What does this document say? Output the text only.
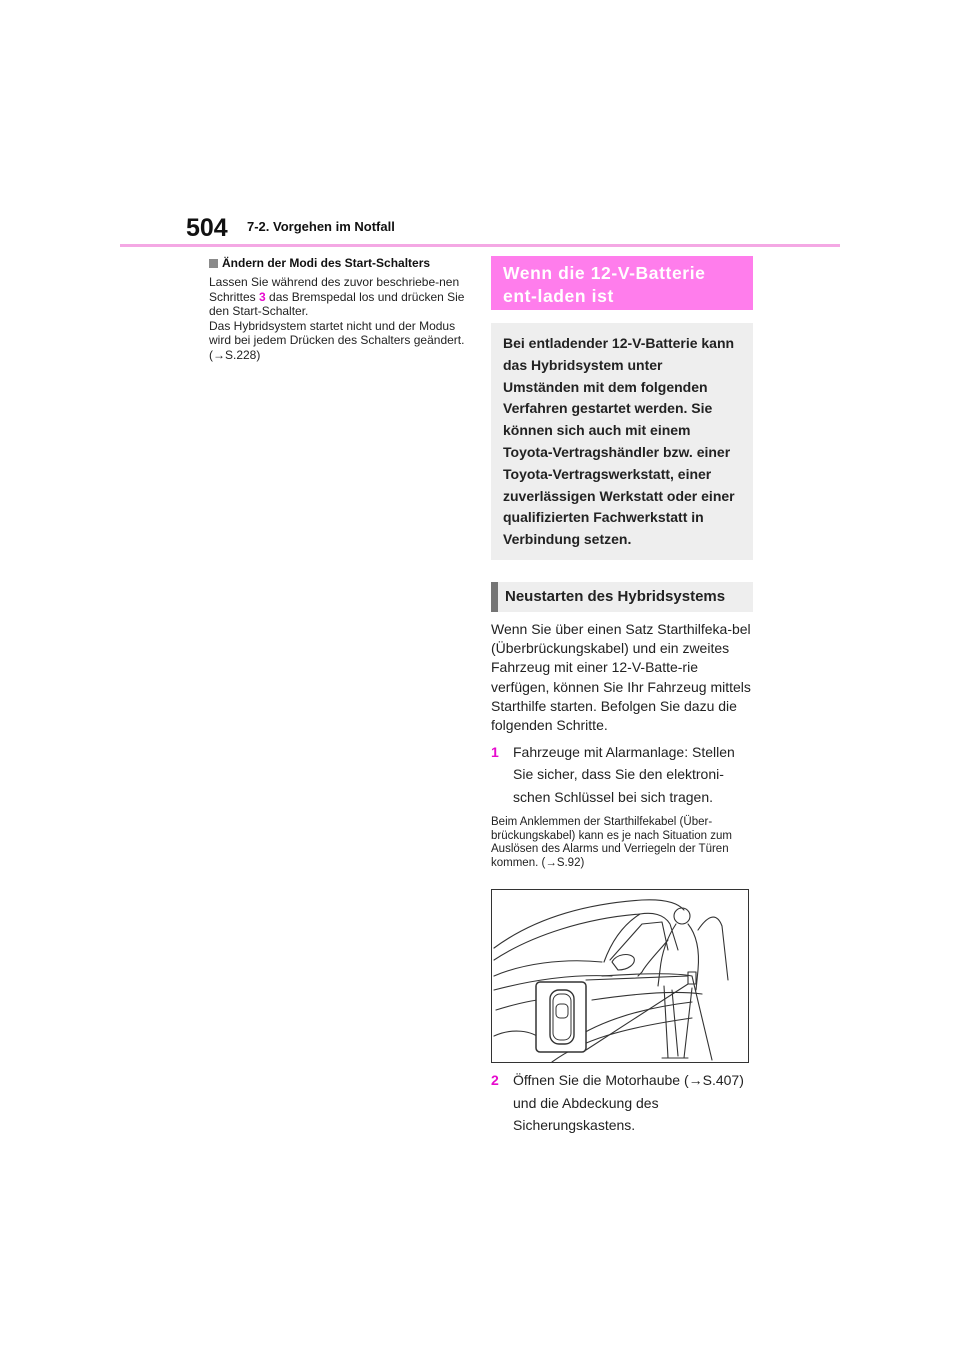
504 7-2. Vorgehen im Notfall
Ändern der Modi des Start-Schalters

Lassen Sie während des zuvor beschriebe-nen Schrittes 3 das Bremspedal los und drücken Sie den Start-Schalter.

Das Hybridsystem startet nicht und der Modus wird bei jedem Drücken des Schalters geändert. (→S.228)

Wenn die 12-V-Batterie ent-laden ist
Bei entladender 12-V-Batterie kann das Hybridsystem unter Umständen mit dem folgenden Verfahren gestartet werden. Sie können sich auch mit einem Toyota-Vertragshändler bzw. einer Toyota-Vertragswerkstatt, einer zuverlässigen Werkstatt oder einer qualifizierten Fachwerkstatt in Verbindung setzen.
Neustarten des Hybridsystems
Wenn Sie über einen Satz Starthilfeka-bel (Überbrückungskabel) und ein zweites Fahrzeug mit einer 12-V-Batte-rie verfügen, können Sie Ihr Fahrzeug mittels Starthilfe starten. Befolgen Sie dazu die folgenden Schritte.
1	Fahrzeuge mit Alarmanlage: Stellen Sie sicher, dass Sie den elektroni-schen Schlüssel bei sich tragen.
Beim Anklemmen der Starthilfekabel (Über-brückungskabel) kann es je nach Situation zum Auslösen des Alarms und Verriegeln der Türen kommen. (→S.92)
2	Öffnen Sie die Motorhaube (→S.407) und die Abdeckung des Sicherungskastens.
